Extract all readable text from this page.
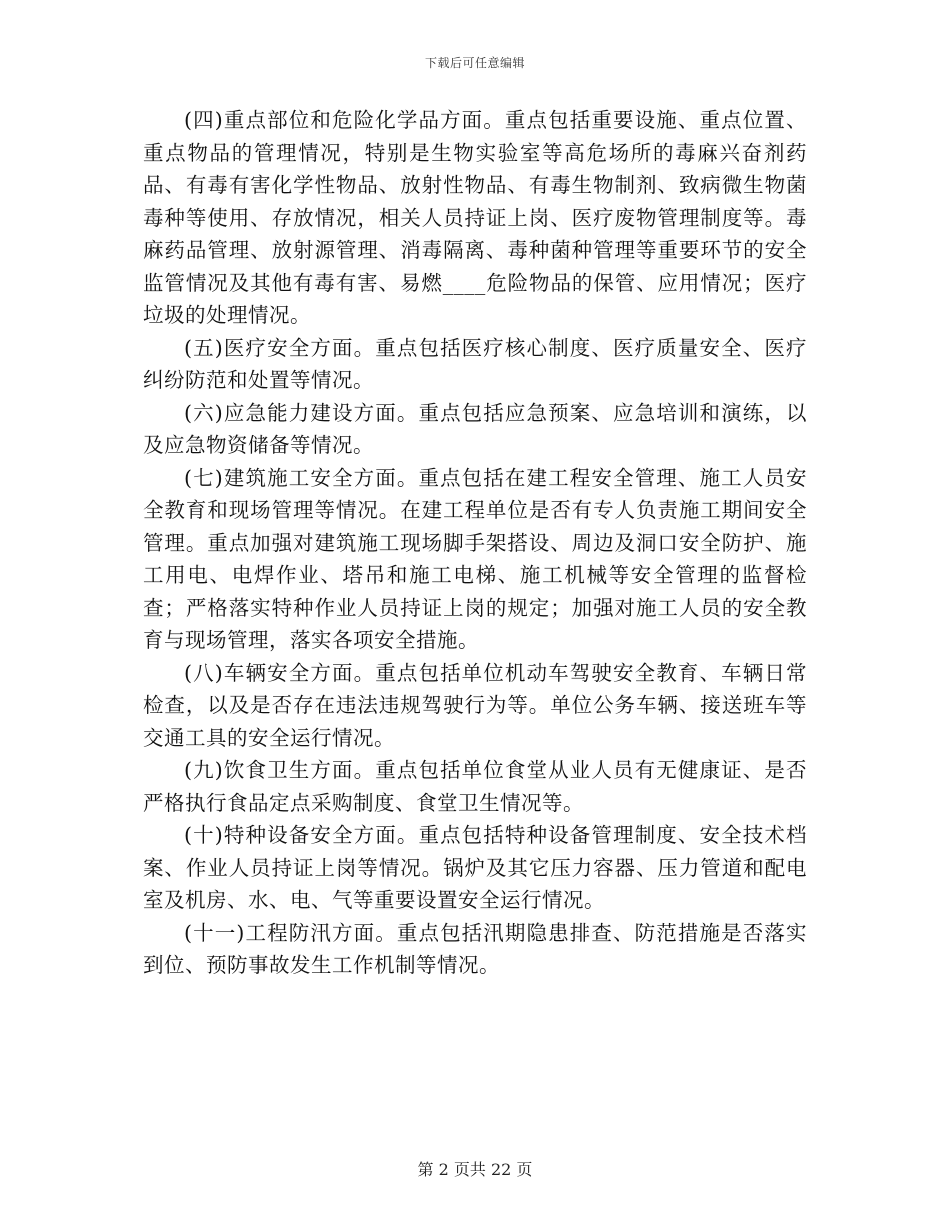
下载后可任意编辑

(四)重点部位和危险化学品方面。重点包括重要设施、重点位置、重点物品的管理情况，特别是生物实验室等高危场所的毒麻兴奋剂药品、有毒有害化学性物品、放射性物品、有毒生物制剂、致病微生物菌毒种等使用、存放情况，相关人员持证上岗、医疗废物管理制度等。毒麻药品管理、放射源管理、消毒隔离、毒种菌种管理等重要环节的安全监管情况及其他有毒有害、易燃____危险物品的保管、应用情况；医疗垃圾的处理情况。

(五)医疗安全方面。重点包括医疗核心制度、医疗质量安全、医疗纠纷防范和处置等情况。

(六)应急能力建设方面。重点包括应急预案、应急培训和演练，以及应急物资储备等情况。

(七)建筑施工安全方面。重点包括在建工程安全管理、施工人员安全教育和现场管理等情况。在建工程单位是否有专人负责施工期间安全管理。重点加强对建筑施工现场脚手架搭设、周边及洞口安全防护、施工用电、电焊作业、塔吊和施工电梯、施工机械等安全管理的监督检查；严格落实特种作业人员持证上岗的规定；加强对施工人员的安全教育与现场管理，落实各项安全措施。

(八)车辆安全方面。重点包括单位机动车驾驶安全教育、车辆日常检查，以及是否存在违法违规驾驶行为等。单位公务车辆、接送班车等交通工具的安全运行情况。

(九)饮食卫生方面。重点包括单位食堂从业人员有无健康证、是否严格执行食品定点采购制度、食堂卫生情况等。

(十)特种设备安全方面。重点包括特种设备管理制度、安全技术档案、作业人员持证上岗等情况。锅炉及其它压力容器、压力管道和配电室及机房、水、电、气等重要设置安全运行情况。

(十一)工程防汛方面。重点包括汛期隐患排查、防范措施是否落实到位、预防事故发生工作机制等情况。

第 2 页共 22 页
